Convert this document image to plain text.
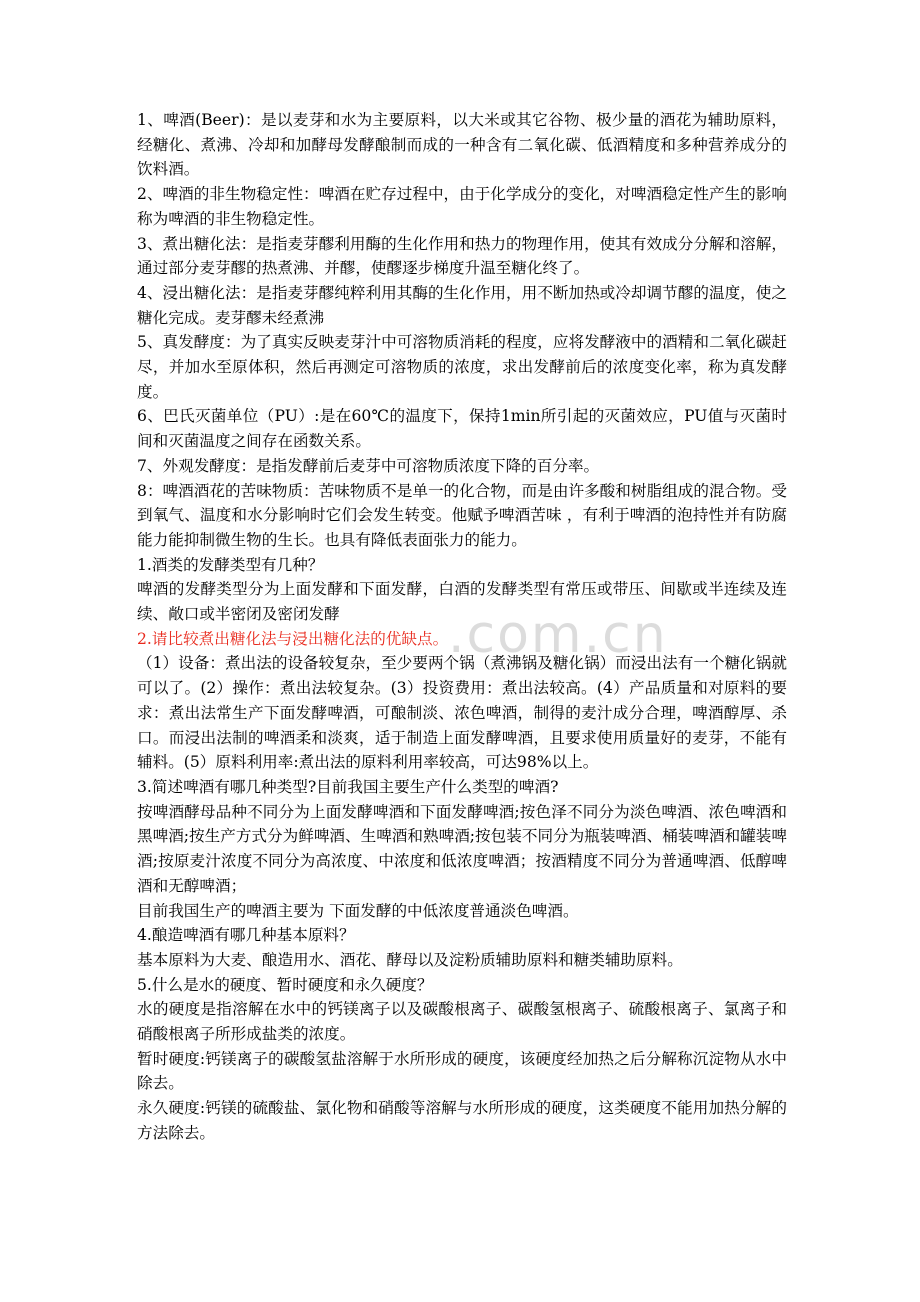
.com.cn

1、啤酒(Beer)：是以麦芽和水为主要原料，以大米或其它谷物、极少量的酒花为辅助原料，经糖化、煮沸、冷却和加酵母发酵酿制而成的一种含有二氧化碳、低酒精度和多种营养成分的饮料酒。

2、啤酒的非生物稳定性：啤酒在贮存过程中，由于化学成分的变化，对啤酒稳定性产生的影响称为啤酒的非生物稳定性。

3、煮出糖化法：是指麦芽醪利用酶的生化作用和热力的物理作用，使其有效成分分解和溶解，通过部分麦芽醪的热煮沸、并醪，使醪逐步梯度升温至糖化终了。

4、浸出糖化法：是指麦芽醪纯粹利用其酶的生化作用，用不断加热或冷却调节醪的温度，使之糖化完成。麦芽醪未经煮沸

5、真发酵度：为了真实反映麦芽汁中可溶物质消耗的程度，应将发酵液中的酒精和二氧化碳赶尽，并加水至原体积，然后再测定可溶物质的浓度，求出发酵前后的浓度变化率，称为真发酵度。

6、巴氏灭菌单位（PU）:是在60℃的温度下，保持1min所引起的灭菌效应，PU值与灭菌时间和灭菌温度之间存在函数关系。

7、外观发酵度：是指发酵前后麦芽中可溶物质浓度下降的百分率。

8：啤酒酒花的苦味物质：苦味物质不是单一的化合物，而是由许多酸和树脂组成的混合物。受到氧气、温度和水分影响时它们会发生转变。他赋予啤酒苦味 ，有利于啤酒的泡持性并有防腐能力能抑制微生物的生长。也具有降低表面张力的能力。

1.酒类的发酵类型有几种？

啤酒的发酵类型分为上面发酵和下面发酵，白酒的发酵类型有常压或带压、间歇或半连续及连续、敞口或半密闭及密闭发酵

2.请比较煮出糖化法与浸出糖化法的优缺点。

（1）设备：煮出法的设备较复杂，至少要两个锅（煮沸锅及糖化锅）而浸出法有一个糖化锅就可以了。(2）操作：煮出法较复杂。(3）投资费用：煮出法较高。(4）产品质量和对原料的要求：煮出法常生产下面发酵啤酒，可酿制淡、浓色啤酒，制得的麦汁成分合理，啤酒醇厚、杀口。而浸出法制的啤酒柔和淡爽，适于制造上面发酵啤酒，且要求使用质量好的麦芽，不能有辅料。(5）原料利用率:煮出法的原料利用率较高，可达98%以上。

3.简述啤酒有哪几种类型?目前我国主要生产什么类型的啤酒?

按啤酒酵母品种不同分为上面发酵啤酒和下面发酵啤酒;按色泽不同分为淡色啤酒、浓色啤酒和黑啤酒;按生产方式分为鲜啤酒、生啤酒和熟啤酒;按包装不同分为瓶装啤酒、桶装啤酒和罐装啤酒;按原麦汁浓度不同分为高浓度、中浓度和低浓度啤酒；按酒精度不同分为普通啤酒、低醇啤酒和无醇啤酒；

目前我国生产的啤酒主要为 下面发酵的中低浓度普通淡色啤酒。

4.酿造啤酒有哪几种基本原料？

基本原料为大麦、酿造用水、酒花、酵母以及淀粉质辅助原料和糖类辅助原料。

5.什么是水的硬度、暂时硬度和永久硬度？

水的硬度是指溶解在水中的钙镁离子以及碳酸根离子、碳酸氢根离子、硫酸根离子、氯离子和硝酸根离子所形成盐类的浓度。

暂时硬度:钙镁离子的碳酸氢盐溶解于水所形成的硬度，该硬度经加热之后分解称沉淀物从水中除去。

永久硬度:钙镁的硫酸盐、氯化物和硝酸等溶解与水所形成的硬度，这类硬度不能用加热分解的方法除去。
